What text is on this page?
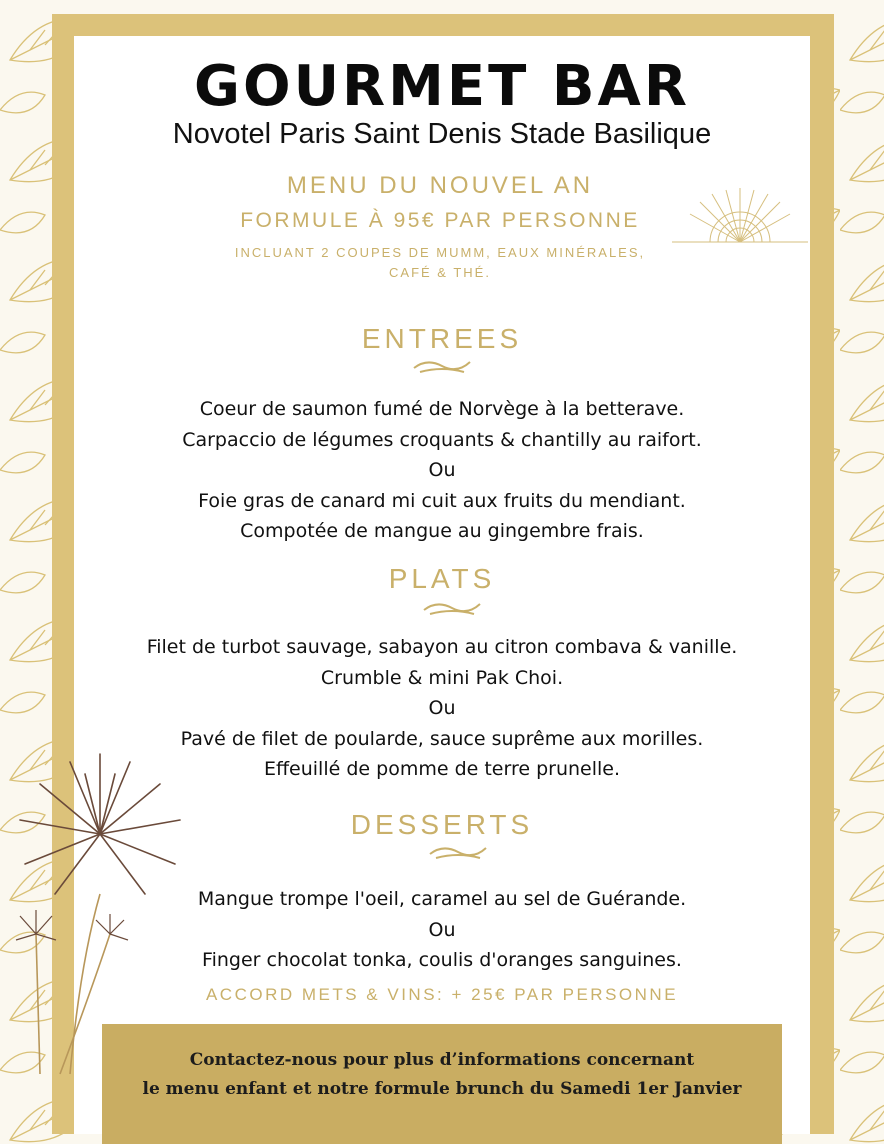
GOURMET BAR
Novotel Paris Saint Denis Stade Basilique
MENU DU NOUVEL AN
FORMULE À 95€ PAR PERSONNE
INCLUANT 2 COUPES DE MUMM, EAUX MINÉRALES,
CAFÉ & THÉ.
ENTREES
Coeur de saumon fumé de Norvège à la betterave.
Carpaccio de légumes croquants & chantilly au raifort.
Ou
Foie gras de canard mi cuit aux fruits du mendiant.
Compotée de mangue au gingembre frais.
PLATS
Filet de turbot sauvage, sabayon au citron combava & vanille.
Crumble & mini Pak Choi.
Ou
Pavé de filet de poularde, sauce suprême aux morilles.
Effeuillé de pomme de terre prunelle.
DESSERTS
Mangue trompe l'oeil, caramel au sel de Guérande.
Ou
Finger chocolat tonka, coulis d'oranges sanguines.
ACCORD METS & VINS: + 25€ PAR PERSONNE
Contactez-nous pour plus d’informations concernant
le menu enfant et notre formule brunch du Samedi 1er Janvier
